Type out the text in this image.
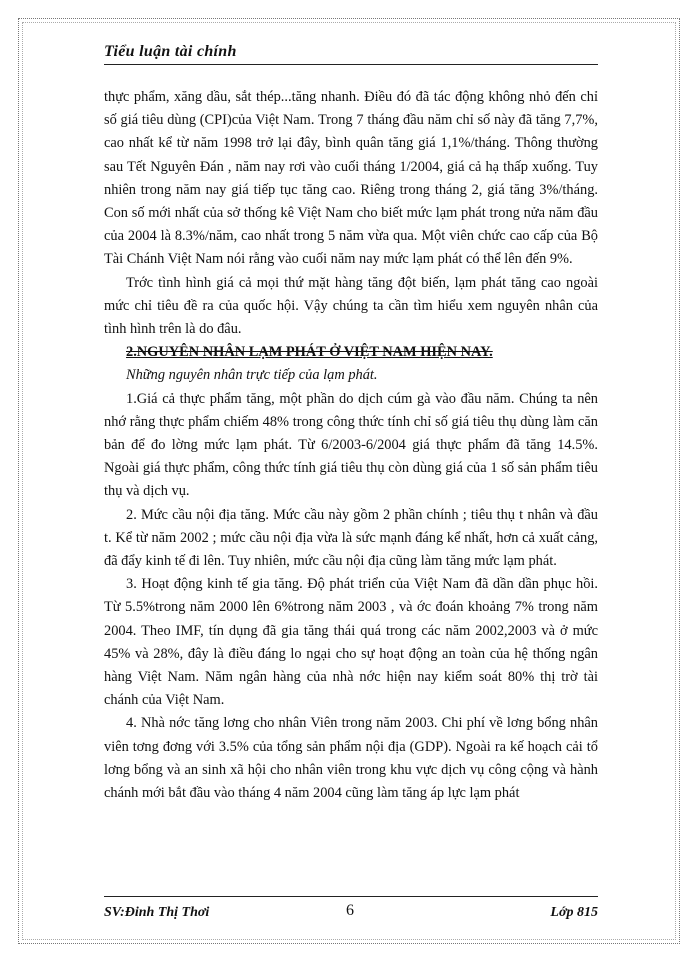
Tiểu luận tài chính

thực phẩm, xăng dầu, sắt thép...tăng nhanh. Điều đó đã tác động không nhỏ đến chỉ số giá tiêu dùng (CPI)của Việt Nam. Trong 7 tháng đầu năm chỉ số này đã tăng 7,7%, cao nhất kể từ năm 1998 trở lại đây, bình quân tăng giá 1,1%/tháng. Thông thường sau Tết Nguyên Đán , năm nay rơi vào cuối tháng 1/2004, giá cả hạ thấp xuống. Tuy nhiên trong năm nay giá tiếp tục tăng cao. Riêng trong tháng 2, giá tăng 3%/tháng. Con số mới nhất của sở thống kê Việt Nam cho biết mức lạm phát trong nửa năm đầu của 2004 là 8.3%/năm, cao nhất trong 5 năm vừa qua. Một viên chức cao cấp của Bộ Tài Chánh Việt Nam nói rằng vào cuối năm nay mức lạm phát có thể lên đến 9%.

Trớc tình hình giá cả mọi thứ mặt hàng tăng đột biến, lạm phát tăng cao ngoài mức chỉ tiêu đề ra của quốc hội. Vậy chúng ta cần tìm hiểu xem nguyên nhân của tình hình trên là do đâu.

2.NGUYÊN NHÂN LẠM PHÁT Ở VIỆT NAM HIỆN NAY.

Những nguyên nhân trực tiếp của lạm phát.

1.Giá cả thực phẩm tăng, một phần do dịch cúm gà vào đầu năm. Chúng ta nên nhớ rằng thực phẩm chiếm 48% trong công thức tính chỉ số giá tiêu thụ dùng làm căn bản để đo lờng mức lạm phát. Từ 6/2003-6/2004 giá thực phẩm đã tăng 14.5%. Ngoài giá thực phẩm, công thức tính giá tiêu thụ còn dùng giá của 1 số sản phẩm tiêu thụ và dịch vụ.

2. Mức cầu nội địa tăng. Mức cầu này gồm 2 phần chính ; tiêu thụ t nhân và đầu t. Kể từ năm 2002 ; mức cầu nội địa vừa là sức mạnh đáng kể nhất, hơn cả xuất cảng, đã đẩy kinh tế đi lên. Tuy nhiên, mức cầu nội địa cũng làm tăng mức lạm phát.

3. Hoạt động kinh tế gia tăng. Độ phát triển của Việt Nam đã dần dần phục hồi. Từ 5.5%trong năm 2000 lên 6%trong năm 2003 , và ớc đoán khoảng 7% trong năm 2004. Theo IMF, tín dụng đã gia tăng thái quá trong các năm 2002,2003 và ở mức 45% và 28%, đây là điều đáng lo ngại cho sự hoạt động an toàn của hệ thống ngân hàng Việt Nam. Năm ngân hàng của nhà nớc hiện nay kiểm soát 80% thị trờ tài chánh của Việt Nam.

4. Nhà nớc tăng lơng cho nhân Viên trong năm 2003. Chi phí về lơng bổng nhân viên tơng đơng với 3.5% của tổng sản phẩm nội địa (GDP). Ngoài ra kế hoạch cải tổ lơng bổng và an sinh xã hội cho nhân viên trong khu vực dịch vụ công cộng và hành chánh mới bắt đầu vào tháng 4 năm 2004 cũng làm tăng áp lực lạm phát

SV:Đinh Thị Thơi	6	Lớp 815
